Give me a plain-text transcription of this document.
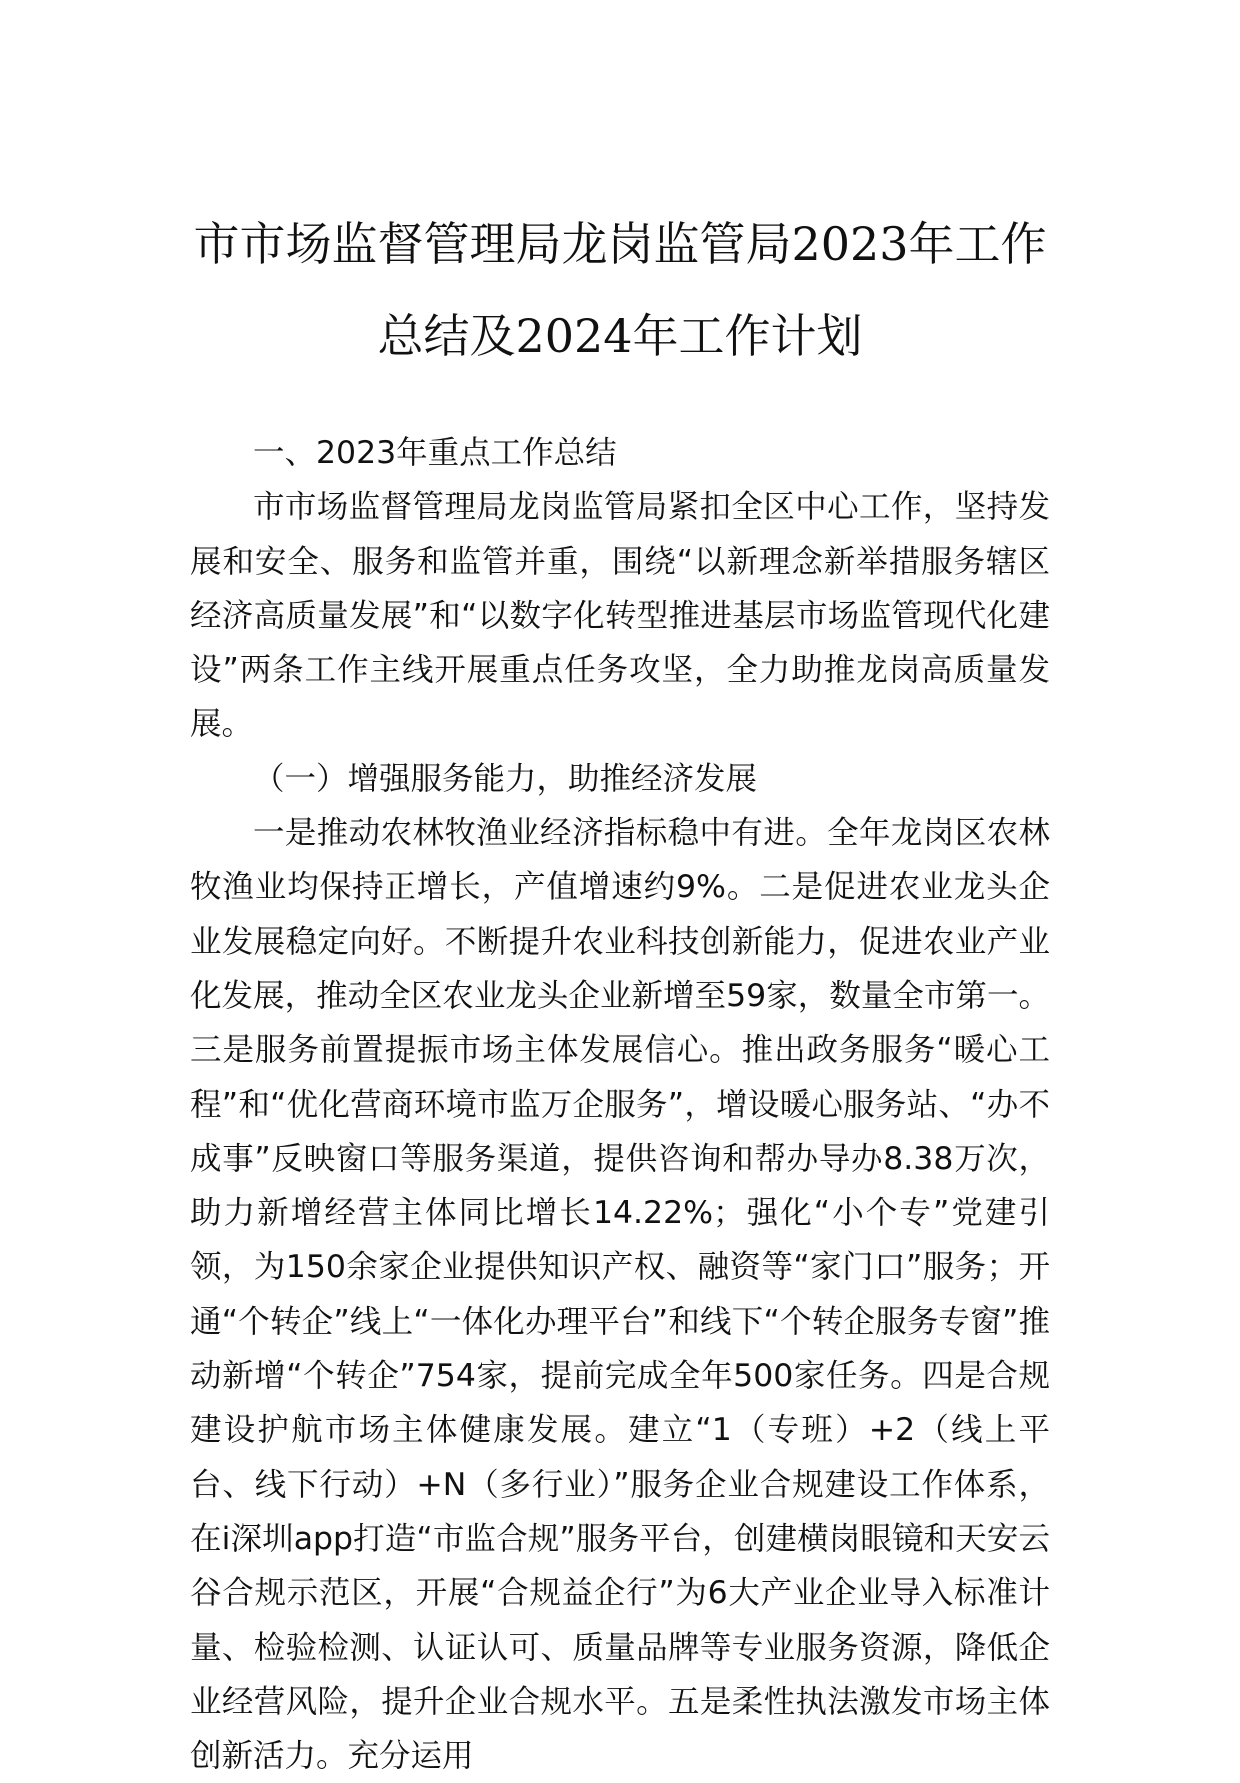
市市场监督管理局龙岗监管局2023年工作
总结及2024年工作计划

一、2023年重点工作总结

市市场监督管理局龙岗监管局紧扣全区中心工作，坚持发展和安全、服务和监管并重，围绕“以新理念新举措服务辖区经济高质量发展”和“以数字化转型推进基层市场监管现代化建设”两条工作主线开展重点任务攻坚，全力助推龙岗高质量发展。

（一）增强服务能力，助推经济发展

一是推动农林牧渔业经济指标稳中有进。全年龙岗区农林牧渔业均保持正增长，产值增速约9%。二是促进农业龙头企业发展稳定向好。不断提升农业科技创新能力，促进农业产业化发展，推动全区农业龙头企业新增至59家，数量全市第一。三是服务前置提振市场主体发展信心。推出政务服务“暖心工程”和“优化营商环境市监万企服务”，增设暖心服务站、“办不成事”反映窗口等服务渠道，提供咨询和帮办导办8.38万次，助力新增经营主体同比增长14.22%；强化“小个专”党建引领，为150余家企业提供知识产权、融资等“家门口”服务；开通“个转企”线上“一体化办理平台”和线下“个转企服务专窗”推动新增“个转企”754家，提前完成全年500家任务。四是合规建设护航市场主体健康发展。建立“1（专班）+2（线上平台、线下行动）+N（多行业）”服务企业合规建设工作体系，在i深圳app打造“市监合规”服务平台，创建横岗眼镜和天安云谷合规示范区，开展“合规益企行”为6大产业企业导入标准计量、检验检测、认证认可、质量品牌等专业服务资源，降低企业经营风险，提升企业合规水平。五是柔性执法激发市场主体创新活力。充分运用
